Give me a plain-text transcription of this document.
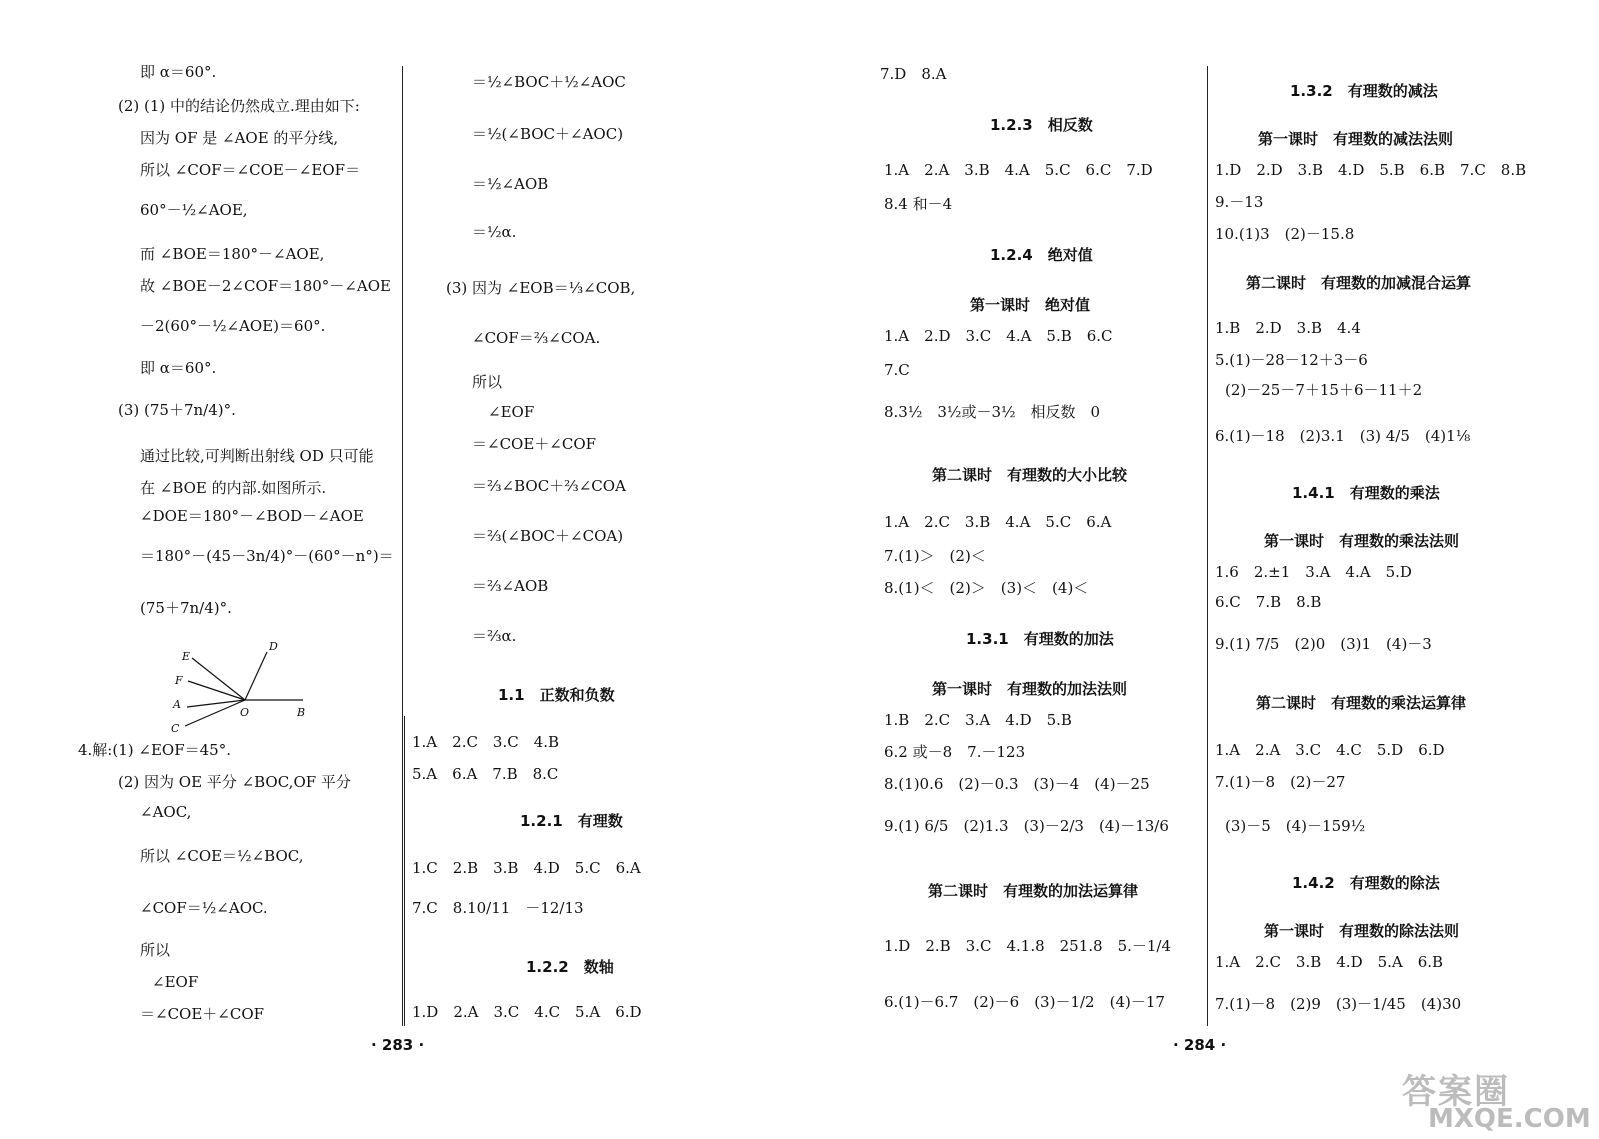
即 α＝60°.
(2) (1) 中的结论仍然成立.理由如下:
因为 OF 是 ∠AOE 的平分线,
所以 ∠COF＝∠COE－∠EOF＝
60°－½∠AOE,
而 ∠BOE＝180°－∠AOE,
故 ∠BOE－2∠COF＝180°－∠AOE
－2(60°－½∠AOE)＝60°.
即 α＝60°.
(3) (75＋7n/4)°.
通过比较,可判断出射线 OD 只可能
在 ∠BOE 的内部.如图所示.
∠DOE＝180°－∠BOD－∠AOE
＝180°－(45－3n/4)°－(60°－n°)＝
(75＋7n/4)°.
4.解:(1) ∠EOF＝45°.
(2) 因为 OE 平分 ∠BOC,OF 平分
∠AOC,
所以 ∠COE＝½∠BOC,
∠COF＝½∠AOC.
所以
∠EOF
＝∠COE＋∠COF
E
F
A
C
O	B
D
＝½∠BOC＋½∠AOC
＝½(∠BOC＋∠AOC)
＝½∠AOB
＝½α.
(3) 因为 ∠EOB＝⅓∠COB,
∠COF＝⅔∠COA.
所以
∠EOF
＝∠COE＋∠COF
＝⅔∠BOC＋⅔∠COA
＝⅔(∠BOC＋∠COA)
＝⅔∠AOB
＝⅔α.
1.1　正数和负数
1.A　2.C　3.C　4.B
5.A　6.A　7.B　8.C
1.2.1　有理数
1.C　2.B　3.B　4.D　5.C　6.A
7.C　8.10/11　－12/13
1.2.2　数轴
1.D　2.A　3.C　4.C　5.A　6.D
· 283 ·
7.D　8.A
1.2.3　相反数
1.A　2.A　3.B　4.A　5.C　6.C　7.D
8.4 和－4
1.2.4　绝对值
第一课时　绝对值
1.A　2.D　3.C　4.A　5.B　6.C
7.C
8.3½　3½或－3½　相反数　0
第二课时　有理数的大小比较
1.A　2.C　3.B　4.A　5.C　6.A
7.(1)＞　(2)＜
8.(1)＜　(2)＞　(3)＜　(4)＜
1.3.1　有理数的加法
第一课时　有理数的加法法则
1.B　2.C　3.A　4.D　5.B
6.2 或－8　7.－123
8.(1)0.6　(2)－0.3　(3)－4　(4)－25
9.(1) 6/5　(2)1.3　(3)－2/3　(4)－13/6
第二课时　有理数的加法运算律
1.D　2.B　3.C　4.1.8　251.8　5.－1/4
6.(1)－6.7　(2)－6　(3)－1/2　(4)－17
1.3.2　有理数的减法
第一课时　有理数的减法法则
1.D　2.D　3.B　4.D　5.B　6.B　7.C　8.B
9.－13
10.(1)3　(2)－15.8
第二课时　有理数的加减混合运算
1.B　2.D　3.B　4.4
5.(1)－28－12＋3－6
(2)－25－7＋15＋6－11＋2
6.(1)－18　(2)3.1　(3) 4/5　(4)1⅛
1.4.1　有理数的乘法
第一课时　有理数的乘法法则
1.6　2.±1　3.A　4.A　5.D
6.C　7.B　8.B
9.(1) 7/5　(2)0　(3)1　(4)－3
第二课时　有理数的乘法运算律
1.A　2.A　3.C　4.C　5.D　6.D
7.(1)－8　(2)－27
(3)－5　(4)－159½
1.4.2　有理数的除法
第一课时　有理数的除法法则
1.A　2.C　3.B　4.D　5.A　6.B
7.(1)－8　(2)9　(3)－1/45　(4)30
· 284 ·
答案圈
MXQE.COM
